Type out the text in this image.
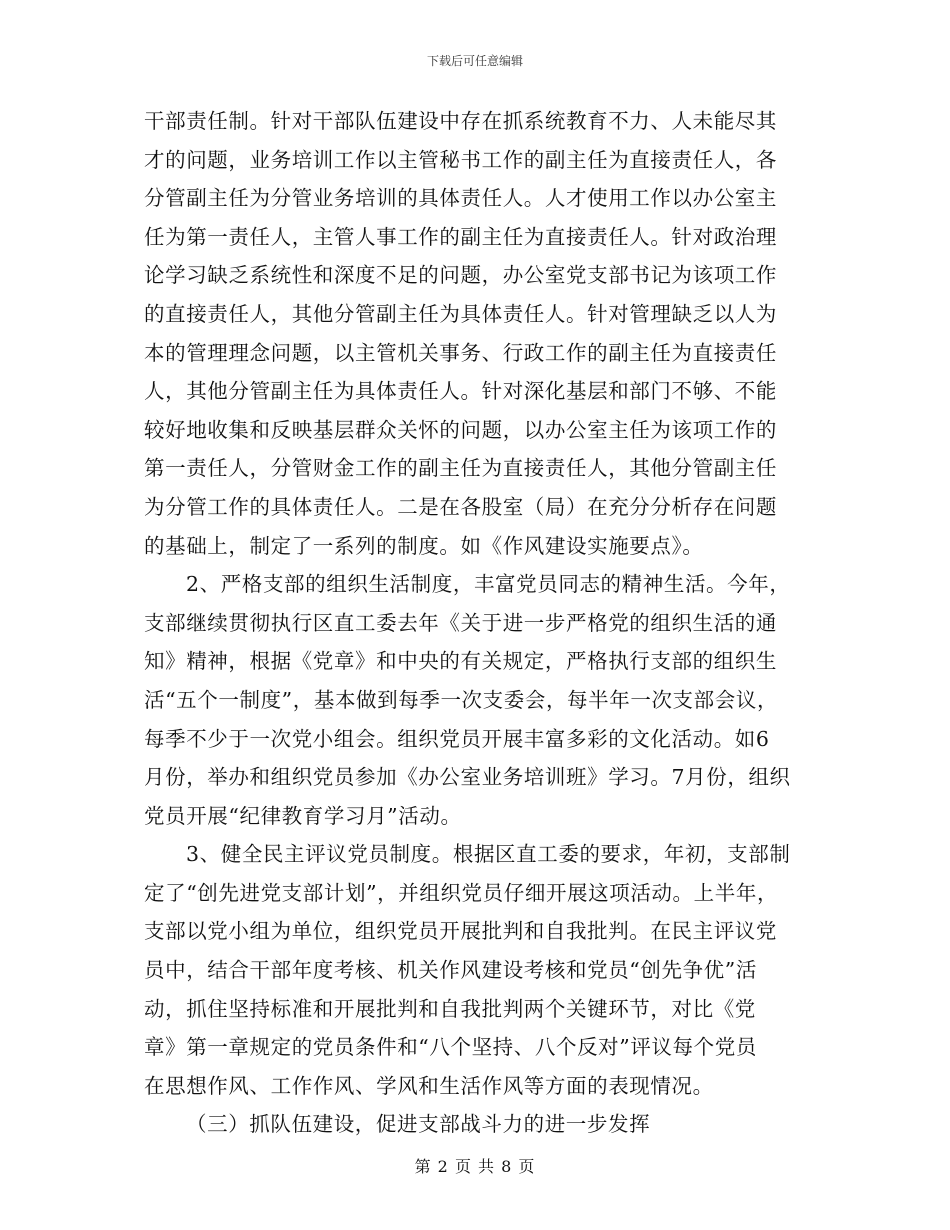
下载后可任意编辑
干部责任制。针对干部队伍建设中存在抓系统教育不力、人未能尽其
才的问题，业务培训工作以主管秘书工作的副主任为直接责任人，各
分管副主任为分管业务培训的具体责任人。人才使用工作以办公室主
任为第一责任人，主管人事工作的副主任为直接责任人。针对政治理
论学习缺乏系统性和深度不足的问题，办公室党支部书记为该项工作
的直接责任人，其他分管副主任为具体责任人。针对管理缺乏以人为
本的管理理念问题，以主管机关事务、行政工作的副主任为直接责任
人，其他分管副主任为具体责任人。针对深化基层和部门不够、不能
较好地收集和反映基层群众关怀的问题，以办公室主任为该项工作的
第一责任人，分管财金工作的副主任为直接责任人，其他分管副主任
为分管工作的具体责任人。二是在各股室（局）在充分分析存在问题
的基础上，制定了一系列的制度。如《作风建设实施要点》。
2、严格支部的组织生活制度，丰富党员同志的精神生活。今年，
支部继续贯彻执行区直工委去年《关于进一步严格党的组织生活的通
知》精神，根据《党章》和中央的有关规定，严格执行支部的组织生
活“五个一制度”，基本做到每季一次支委会，每半年一次支部会议，
每季不少于一次党小组会。组织党员开展丰富多彩的文化活动。如6
月份，举办和组织党员参加《办公室业务培训班》学习。7月份，组织
党员开展“纪律教育学习月”活动。
3、健全民主评议党员制度。根据区直工委的要求，年初，支部制
定了“创先进党支部计划”，并组织党员仔细开展这项活动。上半年，
支部以党小组为单位，组织党员开展批判和自我批判。在民主评议党
员中，结合干部年度考核、机关作风建设考核和党员“创先争优”活
动，抓住坚持标准和开展批判和自我批判两个关键环节，对比《党
章》第一章规定的党员条件和“八个坚持、八个反对”评议每个党员
在思想作风、工作作风、学风和生活作风等方面的表现情况。
（三）抓队伍建设，促进支部战斗力的进一步发挥
第 2 页 共 8 页
